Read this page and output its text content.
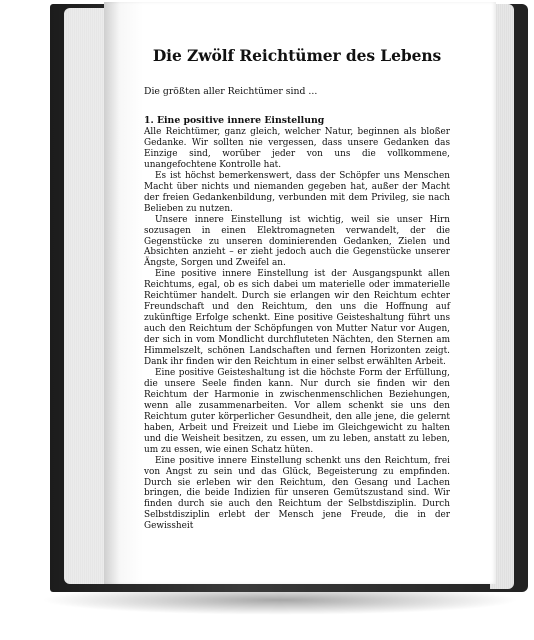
Die Zwölf Reichtümer des Lebens
Die größten aller Reichtümer sind ...
1. Eine positive innere Einstellung

Alle Reichtümer, ganz gleich, welcher Natur, beginnen als bloßer Gedanke. Wir sollten nie vergessen, dass unsere Gedanken das Einzige sind, worüber jeder von uns die vollkommene, unangefochtene Kontrolle hat.

Es ist höchst bemerkenswert, dass der Schöpfer uns Menschen Macht über nichts und niemanden gegeben hat, außer der Macht der freien Gedankenbildung, verbunden mit dem Privileg, sie nach Belieben zu nutzen.

Unsere innere Einstellung ist wichtig, weil sie unser Hirn sozusagen in einen Elektromagneten verwandelt, der die Gegenstücke zu unseren dominierenden Gedanken, Zielen und Absichten anzieht – er zieht jedoch auch die Gegenstücke unserer Ängste, Sorgen und Zweifel an.

Eine positive innere Einstellung ist der Ausgangspunkt allen Reichtums, egal, ob es sich dabei um materielle oder immaterielle Reichtümer handelt. Durch sie erlangen wir den Reichtum echter Freundschaft und den Reichtum, den uns die Hoffnung auf zukünftige Erfolge schenkt. Eine positive Geisteshaltung führt uns auch den Reichtum der Schöpfungen von Mutter Natur vor Augen, der sich in vom Mondlicht durchfluteten Nächten, den Sternen am Himmelszelt, schönen Landschaften und fernen Horizonten zeigt. Dank ihr finden wir den Reichtum in einer selbst erwählten Arbeit.

Eine positive Geisteshaltung ist die höchste Form der Erfüllung, die unsere Seele finden kann. Nur durch sie finden wir den Reichtum der Harmonie in zwischenmenschlichen Beziehungen, wenn alle zusammenarbeiten. Vor allem schenkt sie uns den Reichtum guter körperlicher Gesundheit, den alle jene, die gelernt haben, Arbeit und Freizeit und Liebe im Gleichgewicht zu halten und die Weisheit besitzen, zu essen, um zu leben, anstatt zu leben, um zu essen, wie einen Schatz hüten.

Eine positive innere Einstellung schenkt uns den Reichtum, frei von Angst zu sein und das Glück, Begeisterung zu empfinden. Durch sie erleben wir den Reichtum, den Gesang und Lachen bringen, die beide Indizien für unseren Gemütszustand sind. Wir finden durch sie auch den Reichtum der Selbstdisziplin. Durch Selbstdisziplin erlebt der Mensch jene Freude, die in der Gewissheit
